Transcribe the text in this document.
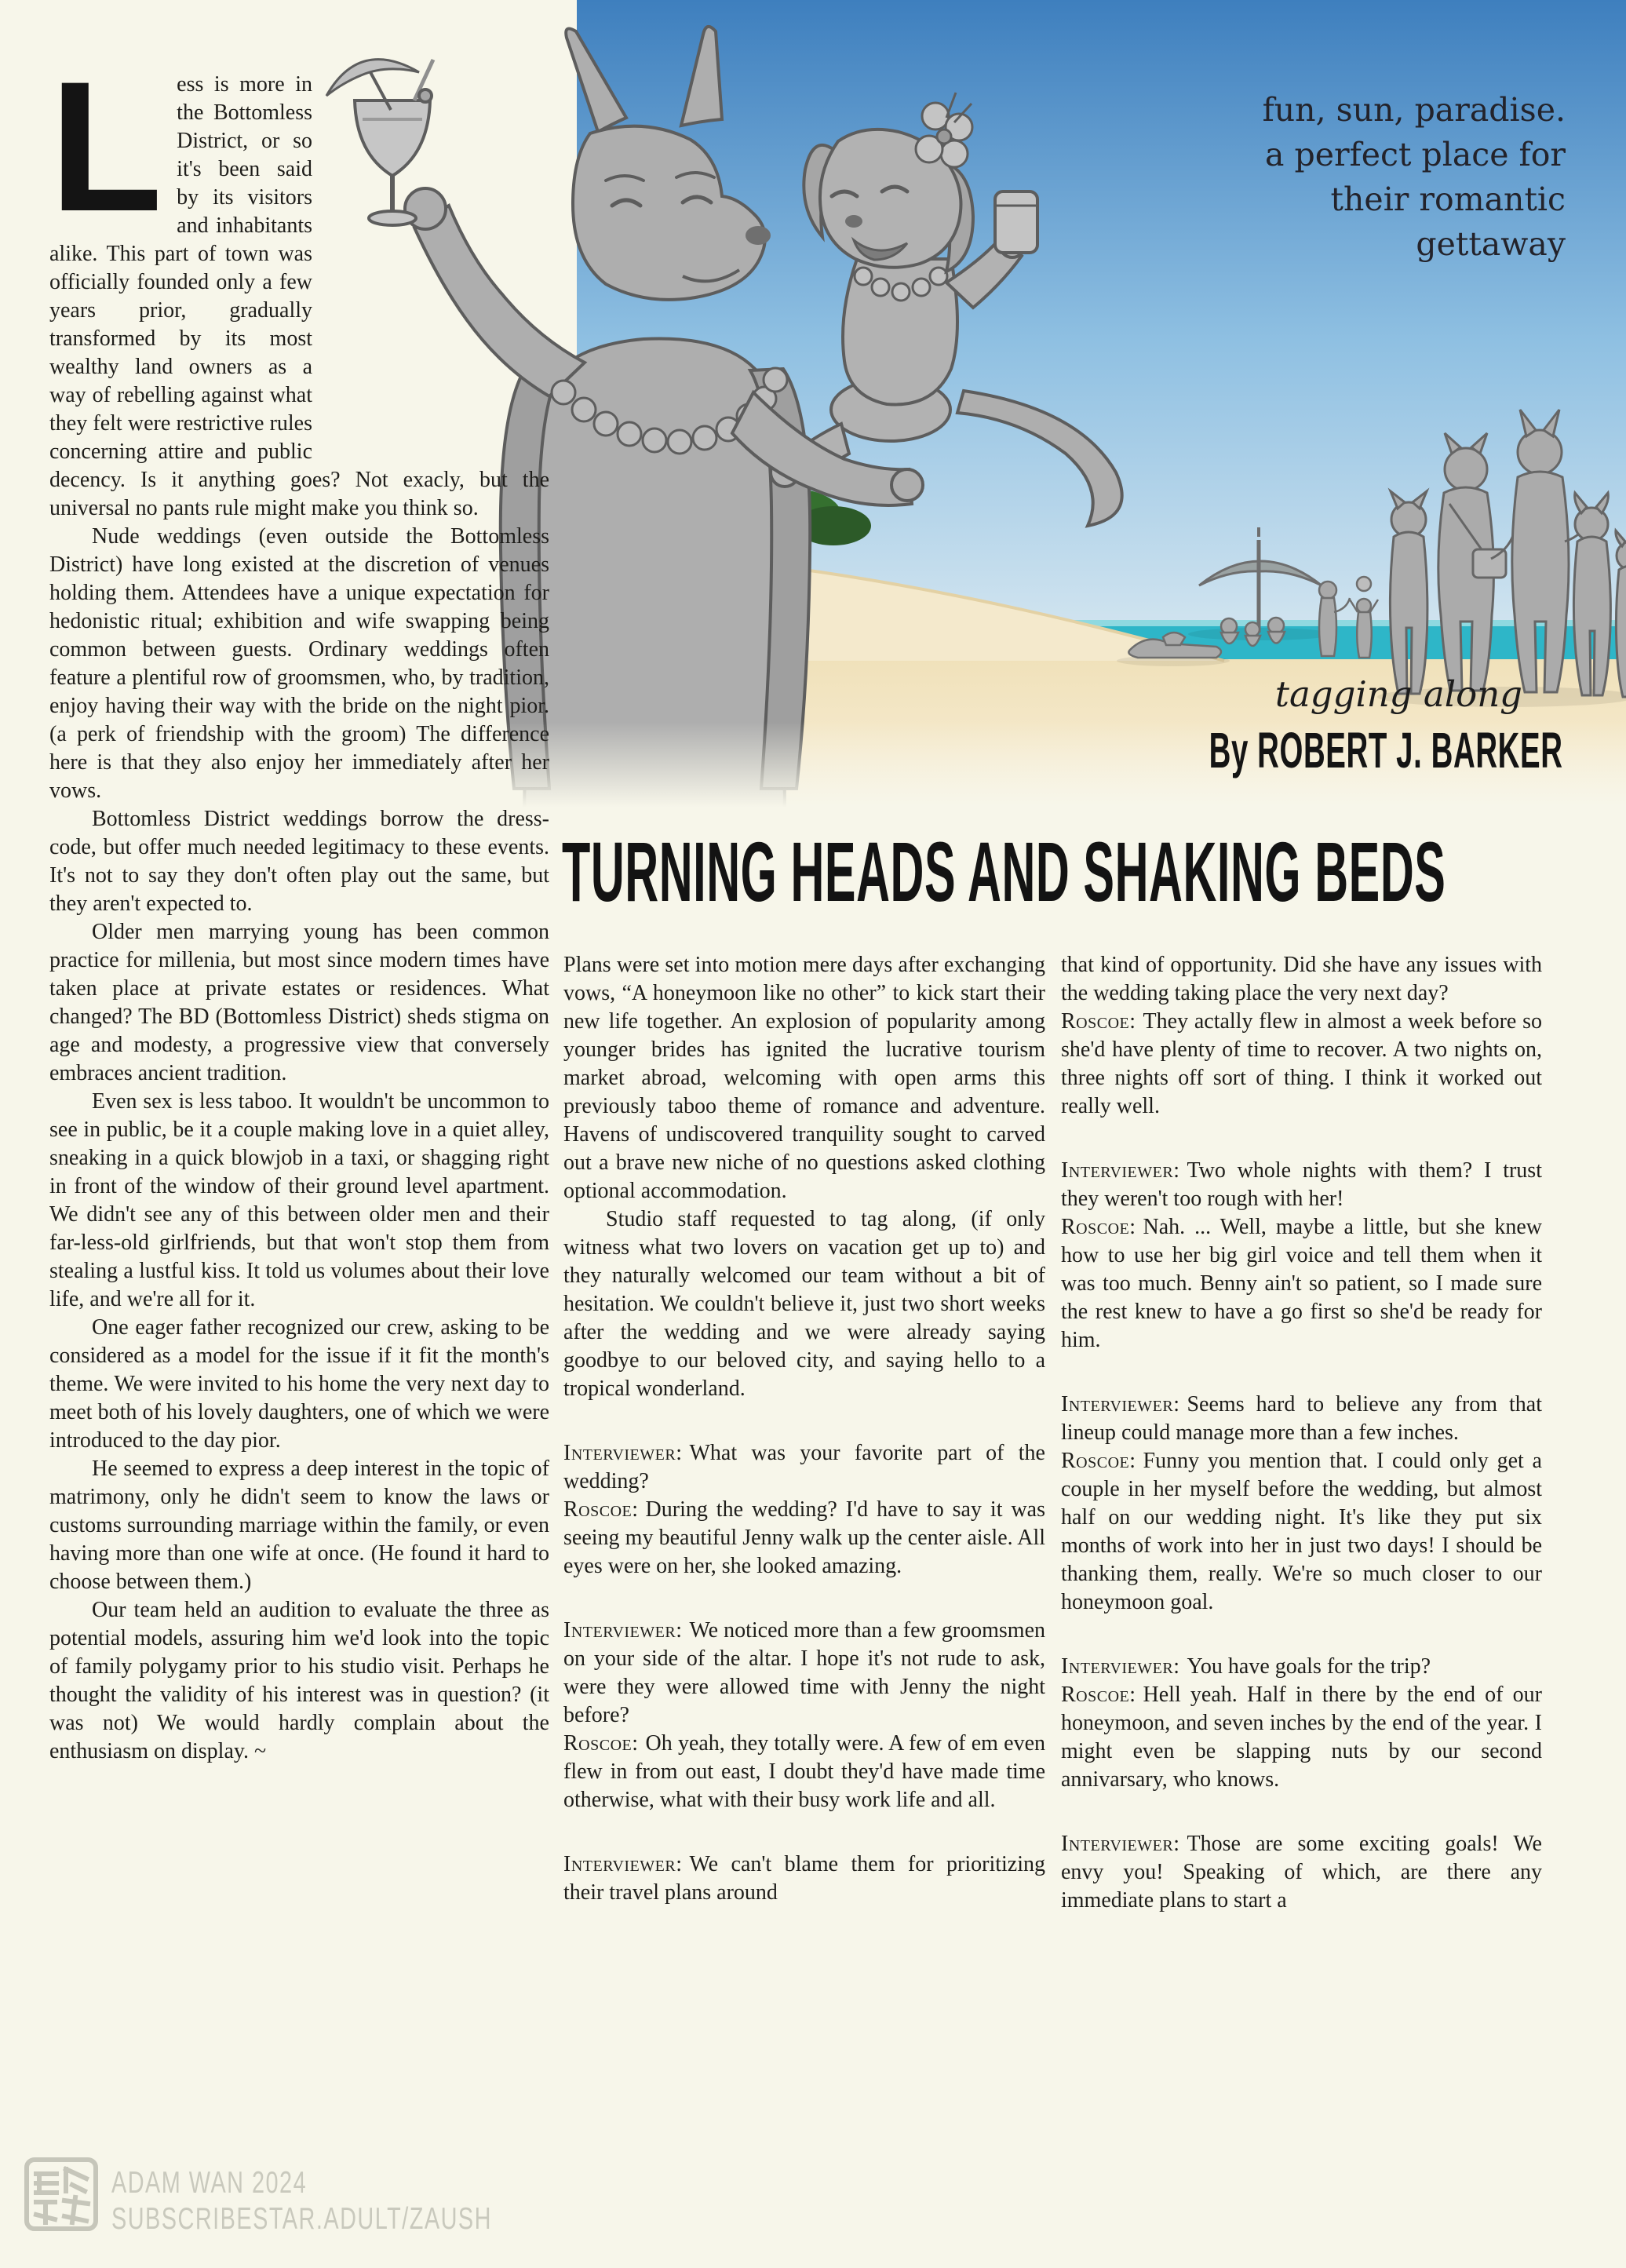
fun, sun, paradise.
a perfect place for
their romantic
gettaway
tagging along
By ROBERT J. BARKER
TURNING HEADS AND SHAKING BEDS

Less is more in the Bottomless District, or so it's been said by its visitors and inhabitants alike. This part of town was officially founded only a few years prior, gradually transformed by its most wealthy land owners as a way of rebelling against what they felt were restrictive rules concerning attire and public decency. Is it anything goes? Not exacly, but the universal no pants rule might make you think so.

Nude weddings (even outside the Bottomless District) have long existed at the discretion of venues holding them. Attendees have a unique expectation for hedonistic ritual; exhibition and wife swapping being common between guests. Ordinary weddings often feature a plentiful row of groomsmen, who, by tradition, enjoy having their way with the bride on the night pior. (a perk of friendship with the groom) The difference here is that they also enjoy her immediately after her vows.

Bottomless District weddings borrow the dress-code, but offer much needed legitimacy to these events. It's not to say they don't often play out the same, but they aren't expected to.

Older men marrying young has been common practice for millenia, but most since modern times have taken place at private estates or residences. What changed? The BD (Bottomless District) sheds stigma on age and modesty, a progressive view that conversely embraces ancient tradition.

Even sex is less taboo. It wouldn't be uncommon to see in public, be it a couple making love in a quiet alley, sneaking in a quick blowjob in a taxi, or shagging right in front of the window of their ground level apartment. We didn't see any of this between older men and their far-less-old girlfriends, but that won't stop them from stealing a lustful kiss. It told us volumes about their love life, and we're all for it.

One eager father recognized our crew, asking to be considered as a model for the issue if it fit the month's theme. We were invited to his home the very next day to meet both of his lovely daughters, one of which we were introduced to the day pior.

He seemed to express a deep interest in the topic of matrimony, only he didn't seem to know the laws or customs surrounding marriage within the family, or even having more than one wife at once. (He found it hard to choose between them.)

Our team held an audition to evaluate the three as potential models, assuring him we'd look into the topic of family polygamy prior to his studio visit. Perhaps he thought the validity of his interest was in question? (it was not) We would hardly complain about the enthusiasm on display. ~

Plans were set into motion mere days after exchanging vows, “A honeymoon like no other” to kick start their new life together. An explosion of popularity among younger brides has ignited the lucrative tourism market abroad, welcoming with open arms this previously taboo theme of romance and adventure. Havens of undiscovered tranquility sought to carved out a brave new niche of no questions asked clothing optional accommodation.

Studio staff requested to tag along, (if only witness what two lovers on vacation get up to) and they naturally welcomed our team without a bit of hesitation. We couldn't believe it, just two short weeks after the wedding and we were already saying goodbye to our beloved city, and saying hello to a tropical wonderland.

Interviewer: What was your favorite part of the wedding?

Roscoe: During the wedding? I'd have to say it was seeing my beautiful Jenny walk up the center aisle. All eyes were on her, she looked amazing.

Interviewer: We noticed more than a few groomsmen on your side of the altar. I hope it's not rude to ask, were they were allowed time with Jenny the night before?

Roscoe: Oh yeah, they totally were. A few of em even flew in from out east, I doubt they'd have made time otherwise, what with their busy work life and all.

Interviewer: We can't blame them for prioritizing their travel plans around

that kind of opportunity. Did she have any issues with the wedding taking place the very next day?

Roscoe: They actally flew in almost a week before so she'd have plenty of time to recover. A two nights on, three nights off sort of thing. I think it worked out really well.

Interviewer: Two whole nights with them? I trust they weren't too rough with her!

Roscoe: Nah. ... Well, maybe a little, but she knew how to use her big girl voice and tell them when it was too much. Benny ain't so patient, so I made sure the rest knew to have a go first so she'd be ready for him.

Interviewer: Seems hard to believe any from that lineup could manage more than a few inches.

Roscoe: Funny you mention that. I could only get a couple in her myself before the wedding, but almost half on our wedding night. It's like they put six months of work into her in just two days! I should be thanking them, really. We're so much closer to our honeymoon goal.

Interviewer: You have goals for the trip?

Roscoe: Hell yeah. Half in there by the end of our honeymoon, and seven inches by the end of the year. I might even be slapping nuts by our second annivarsary, who knows.

Interviewer: Those are some exciting goals! We envy you! Speaking of which, are there any immediate plans to start a

ADAM WAN 2024
SUBSCRIBESTAR.ADULT/ZAUSH
